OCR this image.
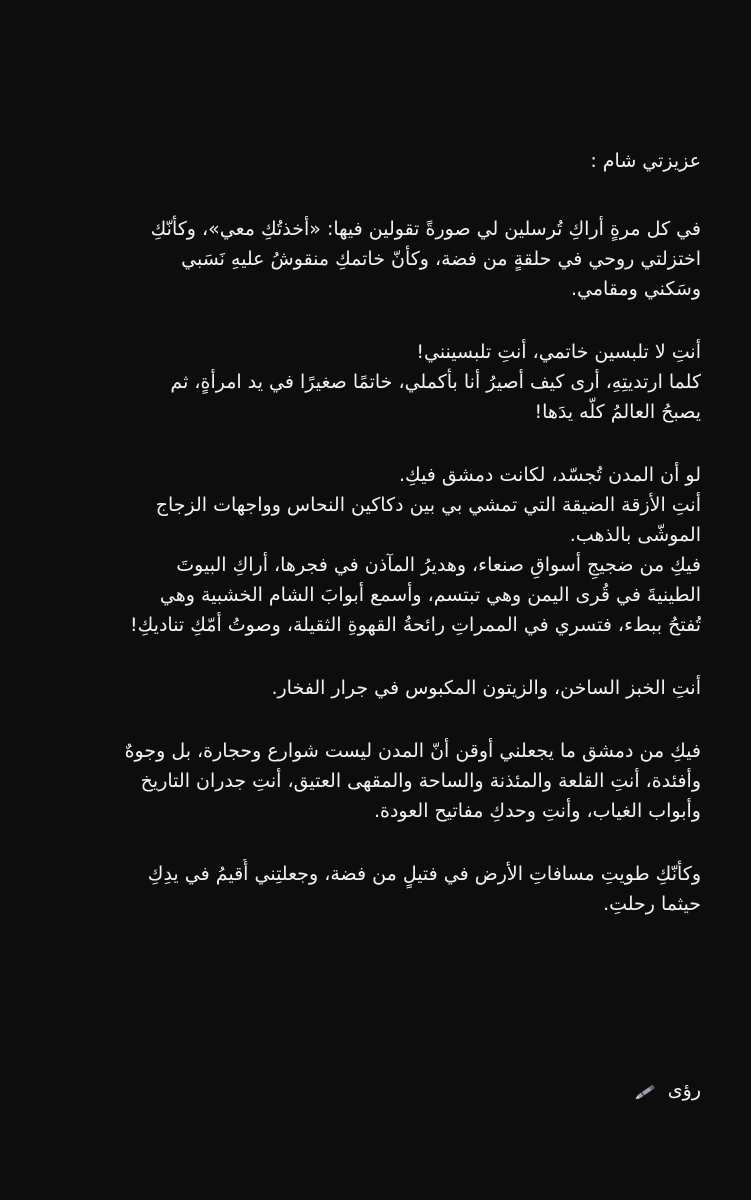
عزيزتي شام :

في كل مرةٍ أراكِ تُرسلين لي صورةً تقولين فيها: «أخذتُكِ معي»، وكأنّكِ
اختزلتي روحي في حلقةٍ من فضة، وكأنّ خاتمكِ منقوشُ عليهِ نَسَبي
وسَكني ومقامي.

أنتِ لا تلبسين خاتمي، أنتِ تلبسينني!
كلما ارتديتِهِ، أرى كيف أصيرُ أنا بأكملي، خاتمًا صغيرًا في يد امرأةٍ، ثم
يصبحُ العالمُ كلّه يدَها!

لو أن المدن تُجسّد، لكانت دمشق فيكِ.
أنتِ الأزقة الضيقة التي تمشي بي بين دكاكين النحاس وواجهات الزجاج
الموشّى بالذهب.
فيكِ من ضجيجِ أسواقِ صنعاء، وهديرُ المآذن في فجرها، أراكِ البيوتَ
الطينيةَ في قُرى اليمن وهي تبتسم، وأسمع أبوابَ الشام الخشبية وهي
تُفتحُ ببطء، فتسري في الممراتِ رائحةُ القهوةِ الثقيلة، وصوتُ أمّكِ تناديكِ!

أنتِ الخبز الساخن، والزيتون المكبوس في جرار الفخار.

فيكِ من دمشق ما يجعلني أوقن أنّ المدن ليست شوارع وحجارة، بل وجوهٌ
وأفئدة، أنتِ القلعة والمئذنة والساحة والمقهى العتيق، أنتِ جدران التاريخ
وأبواب الغياب، وأنتِ وحدكِ مفاتيح العودة.

وكأنّكِ طويتِ مسافاتِ الأرض في فتيلٍ من فضة، وجعلتِني أُقيمُ في يدِكِ
حيثما رحلتِ.

رؤى
